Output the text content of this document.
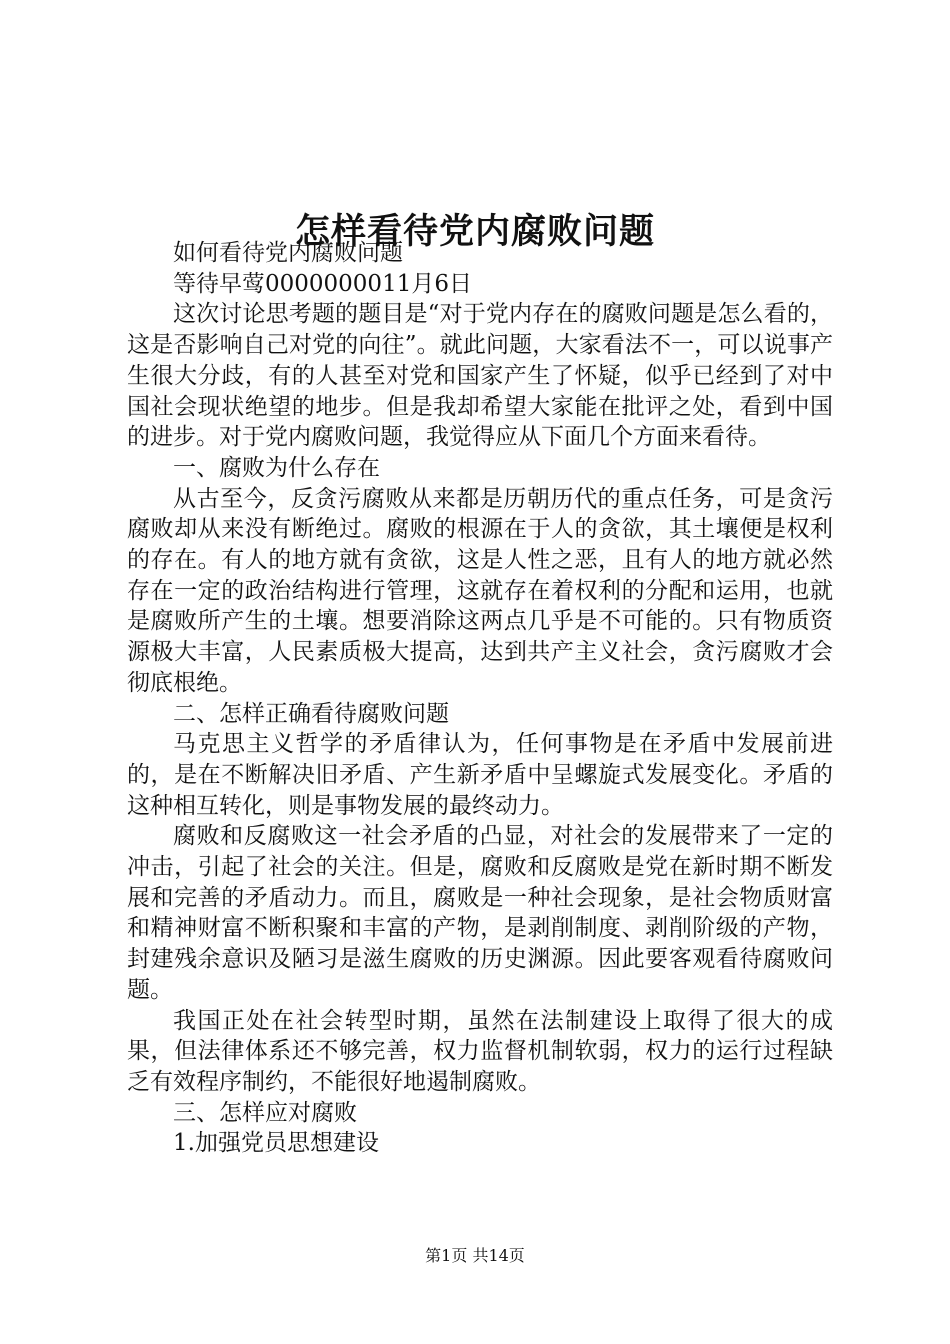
怎样看待党内腐败问题

如何看待党内腐败问题

等待早莺0000000011月6日

这次讨论思考题的题目是“对于党内存在的腐败问题是怎么看的，这是否影响自己对党的向往”。就此问题，大家看法不一，可以说事产生很大分歧，有的人甚至对党和国家产生了怀疑，似乎已经到了对中国社会现状绝望的地步。但是我却希望大家能在批评之处，看到中国的进步。对于党内腐败问题，我觉得应从下面几个方面来看待。

一、腐败为什么存在

从古至今，反贪污腐败从来都是历朝历代的重点任务，可是贪污腐败却从来没有断绝过。腐败的根源在于人的贪欲，其土壤便是权利的存在。有人的地方就有贪欲，这是人性之恶，且有人的地方就必然存在一定的政治结构进行管理，这就存在着权利的分配和运用，也就是腐败所产生的土壤。想要消除这两点几乎是不可能的。只有物质资源极大丰富，人民素质极大提高，达到共产主义社会，贪污腐败才会彻底根绝。

二、怎样正确看待腐败问题

马克思主义哲学的矛盾律认为，任何事物是在矛盾中发展前进的，是在不断解决旧矛盾、产生新矛盾中呈螺旋式发展变化。矛盾的这种相互转化，则是事物发展的最终动力。

腐败和反腐败这一社会矛盾的凸显，对社会的发展带来了一定的冲击，引起了社会的关注。但是，腐败和反腐败是党在新时期不断发展和完善的矛盾动力。而且，腐败是一种社会现象，是社会物质财富和精神财富不断积聚和丰富的产物，是剥削制度、剥削阶级的产物，封建残余意识及陋习是滋生腐败的历史渊源。因此要客观看待腐败问题。

我国正处在社会转型时期，虽然在法制建设上取得了很大的成果，但法律体系还不够完善，权力监督机制软弱，权力的运行过程缺乏有效程序制约，不能很好地遏制腐败。

三、怎样应对腐败

1.加强党员思想建设

第1页 共14页
